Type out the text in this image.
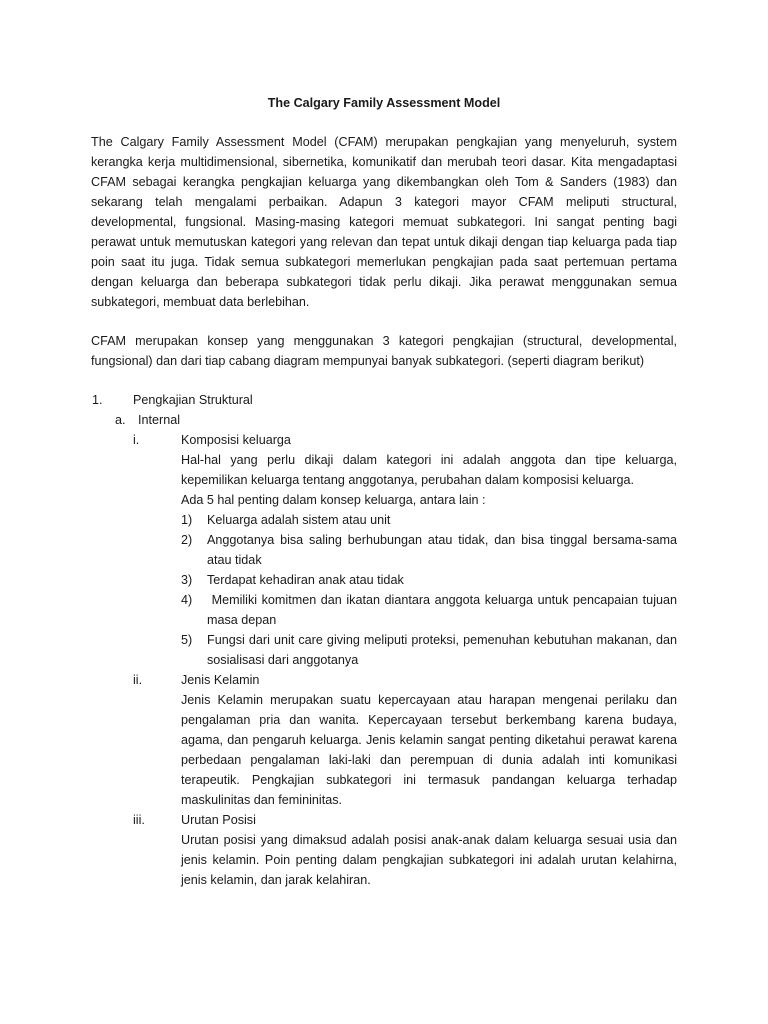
The Calgary Family Assessment Model

The Calgary Family Assessment Model (CFAM) merupakan pengkajian yang menyeluruh, system kerangka kerja multidimensional, sibernetika, komunikatif dan merubah teori dasar. Kita mengadaptasi CFAM sebagai kerangka pengkajian keluarga yang dikembangkan oleh Tom & Sanders (1983) dan sekarang telah mengalami perbaikan. Adapun 3 kategori mayor CFAM meliputi structural, developmental, fungsional. Masing-masing kategori memuat subkategori. Ini sangat penting bagi perawat untuk memutuskan kategori yang relevan dan tepat untuk dikaji dengan tiap keluarga pada tiap poin saat itu juga. Tidak semua subkategori memerlukan pengkajian pada saat pertemuan pertama dengan keluarga dan beberapa subkategori tidak perlu dikaji. Jika perawat menggunakan semua subkategori, membuat data berlebihan.

CFAM merupakan konsep yang menggunakan 3 kategori pengkajian (structural, developmental, fungsional) dan dari tiap cabang diagram mempunyai banyak subkategori. (seperti diagram berikut)

1.	Pengkajian Struktural
a. Internal
i.	Komposisi keluarga
Hal-hal yang perlu dikaji dalam kategori ini adalah anggota dan tipe keluarga, kepemilikan keluarga tentang anggotanya, perubahan dalam komposisi keluarga.
Ada 5 hal penting dalam konsep keluarga, antara lain :
1)	Keluarga adalah sistem atau unit
2)	Anggotanya bisa saling berhubungan atau tidak, dan bisa tinggal bersama-sama atau tidak
3)	Terdapat kehadiran anak atau tidak
4)	Memiliki komitmen dan ikatan diantara anggota keluarga untuk pencapaian tujuan masa depan
5)	Fungsi dari unit care giving meliputi proteksi, pemenuhan kebutuhan makanan, dan sosialisasi dari anggotanya
ii.	Jenis Kelamin
Jenis Kelamin merupakan suatu kepercayaan atau harapan mengenai perilaku dan pengalaman pria dan wanita. Kepercayaan tersebut berkembang karena budaya, agama, dan pengaruh keluarga. Jenis kelamin sangat penting diketahui perawat karena perbedaan pengalaman laki-laki dan perempuan di dunia adalah inti komunikasi terapeutik. Pengkajian subkategori ini termasuk pandangan keluarga terhadap maskulinitas dan femininitas.
iii.	Urutan Posisi
Urutan posisi yang dimaksud adalah posisi anak-anak dalam keluarga sesuai usia dan jenis kelamin. Poin penting dalam pengkajian subkategori ini adalah urutan kelahirna, jenis kelamin, dan jarak kelahiran.
